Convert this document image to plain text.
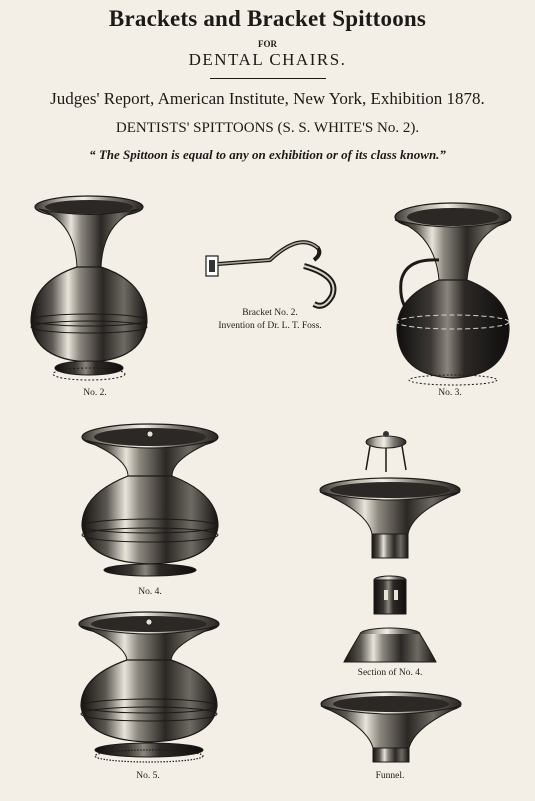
Brackets and Bracket Spittoons
FOR
DENTAL CHAIRS.
Judges' Report, American Institute, New York, Exhibition 1878.
DENTISTS' SPITTOONS (S. S. WHITE'S No. 2).
“ The Spittoon is equal to any on exhibition or of its class known.”
No. 2.
Bracket No. 2.
Invention of Dr. L. T. Foss.
No. 3.
No. 4.
Section of No. 4.
No. 5.	Funnel.
